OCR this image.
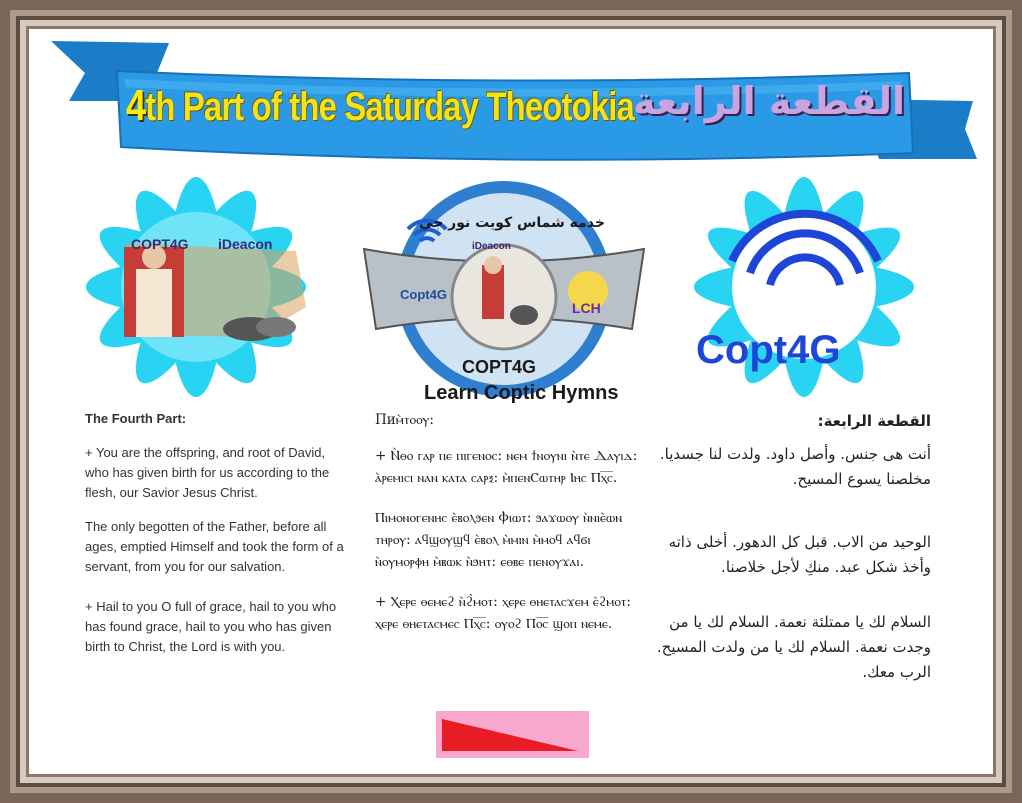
4th Part of the Saturday Theotokia
القطعة الرابعة
COPT4G iDeacon
Copt4G
LCH
COPT4G
Learn Coptic Hymns
iDeacon
خدمه شماس كويت نور جي
Copt4G

The Fourth Part:

+ You are the offspring, and root of David, who has given birth for us according to the flesh, our Savior Jesus Christ.

The only begotten of the Father, before all ages, emptied Himself and took the form of a servant, from you for our salvation.

+ Hail to you O full of grace, hail to you who has found grace, hail to you who has given birth to Christ, the Lord is with you.

Пиⲙ̀ⲧⲟⲟⲩ:

+ Ⲛ̀ⲑⲟ ⲅⲁⲣ ⲡⲉ ⲡⲓⲅⲉⲛⲟⲥ: ⲛⲉⲙ ϯⲛⲟⲩⲛⲓ ⲛ̀ⲧⲉ Ⲇⲁⲩⲓⲇ: ⲁ̀ⲣⲉⲙⲓⲥⲓ ⲛⲁⲛ ⲕⲁⲧⲁ ⲥⲁⲣⲝ: ⲙ̀ⲡⲉⲛⲤⲱⲧⲏⲣ Ⲓⲏⲥ Ⲡⲭ̅ⲥ̅.

Ⲡⲓⲙⲟⲛⲟⲅⲉⲛⲏⲥ ⲉ̀ⲃⲟⲗϧⲉⲛ Ⲫⲓⲱⲧ: ϧⲁϫⲱⲟⲩ ⲛ̀ⲛⲓⲉ̀ⲱⲛ ⲧⲏⲣⲟⲩ: ⲁϥϣⲟⲩϣϥ ⲉ̀ⲃⲟⲗ ⲙ̀ⲙⲓⲛ ⲙ̀ⲙⲟϥ ⲁϥϭⲓ ⲛ̀ⲟⲩⲙⲟⲣⲫⲏ ⲙ̀ⲃⲱⲕ ⲛ̀ϧⲏⲧ: ⲉⲑⲃⲉ ⲡⲉⲛⲟⲩϫⲁⲓ.

+ Ⲭⲉⲣⲉ ⲑⲉⲙⲉϩ ⲛ̀ϩ̀ⲙⲟⲧ: ⲭⲉⲣⲉ ⲑⲏⲉⲧⲁⲥϫⲉⲙ ⲉ̀ϩⲙⲟⲧ: ⲭⲉⲣⲉ ⲑⲏⲉⲧⲁⲥⲙⲉⲥ Ⲡⲭ̅ⲥ̅: ⲟⲩⲟϩ Ⲡⲟ̅ⲥ̅ ϣⲟⲡ ⲛⲉⲙⲉ.

القطعة الرابعة:

أنت هى جنس. وأصل داود. ولدت لنا جسديا. مخلصنا يسوع المسيح.

الوحيد من الاب. قبل كل الدهور. أخلى ذاته وأخذ شكل عبد. منكِ لأجل خلاصنا.

السلام لك يا ممتلئة نعمة. السلام لك يا من وجدت نعمة. السلام لك يا من ولدت المسيح. الرب معك.
